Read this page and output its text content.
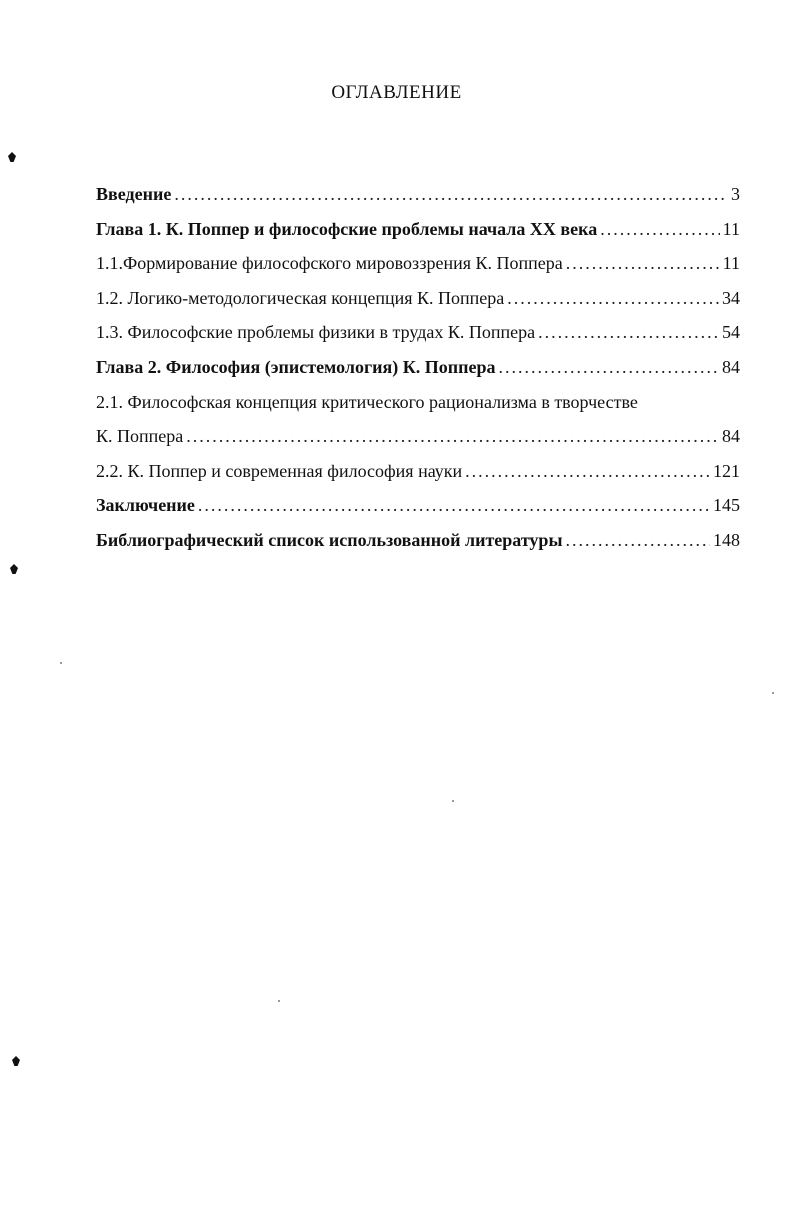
ОГЛАВЛЕНИЕ
Введение .....	3
Глава 1. К. Поппер и философские проблемы начала XX века .....	11
1.1.Формирование философского мировоззрения К. Поппера .....	11
1.2. Логико-методологическая концепция К. Поппера .....	34
1.3. Философские проблемы физики в трудах К. Поппера .....	54
Глава 2. Философия (эпистемология) К. Поппера .....	84
2.1. Философская концепция критического рационализма в творчестве
К. Поппера .....	84
2.2. К. Поппер и современная философия науки .....	121
Заключение .....	145
Библиографический список использованной литературы .....	148
